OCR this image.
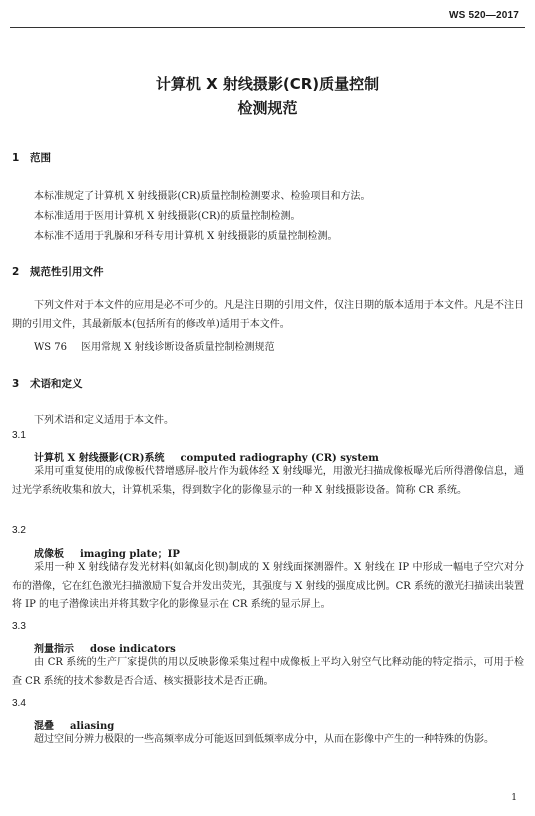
WS 520—2017
计算机 X 射线摄影(CR)质量控制
检测规范
1 范围
本标准规定了计算机 X 射线摄影(CR)质量控制检测要求、检验项目和方法。
本标准适用于医用计算机 X 射线摄影(CR)的质量控制检测。
本标准不适用于乳腺和牙科专用计算机 X 射线摄影的质量控制检测。
2 规范性引用文件
下列文件对于本文件的应用是必不可少的。凡是注日期的引用文件，仅注日期的版本适用于本文件。凡是不注日期的引用文件，其最新版本(包括所有的修改单)适用于本文件。
WS 76 医用常规 X 射线诊断设备质量控制检测规范
3 术语和定义
下列术语和定义适用于本文件。
3.1
计算机 X 射线摄影(CR)系统 computed radiography (CR) system
采用可重复使用的成像板代替增感屏-胶片作为载体经 X 射线曝光，用激光扫描成像板曝光后所得潜像信息，通过光学系统收集和放大，计算机采集，得到数字化的影像显示的一种 X 射线摄影设备。简称 CR 系统。
3.2
成像板 imaging plate；IP
采用一种 X 射线储存发光材料(如氟卤化钡)制成的 X 射线面探测器件。X 射线在 IP 中形成一幅电子空穴对分布的潜像，它在红色激光扫描激励下复合并发出荧光，其强度与 X 射线的强度成比例。CR 系统的激光扫描读出装置将 IP 的电子潜像读出并将其数字化的影像显示在 CR 系统的显示屏上。
3.3
剂量指示 dose indicators
由 CR 系统的生产厂家提供的用以反映影像采集过程中成像板上平均入射空气比释动能的特定指示，可用于检查 CR 系统的技术参数是否合适、核实摄影技术是否正确。
3.4
混叠 aliasing
超过空间分辨力极限的一些高频率成分可能返回到低频率成分中，从而在影像中产生的一种特殊的伪影。
1
